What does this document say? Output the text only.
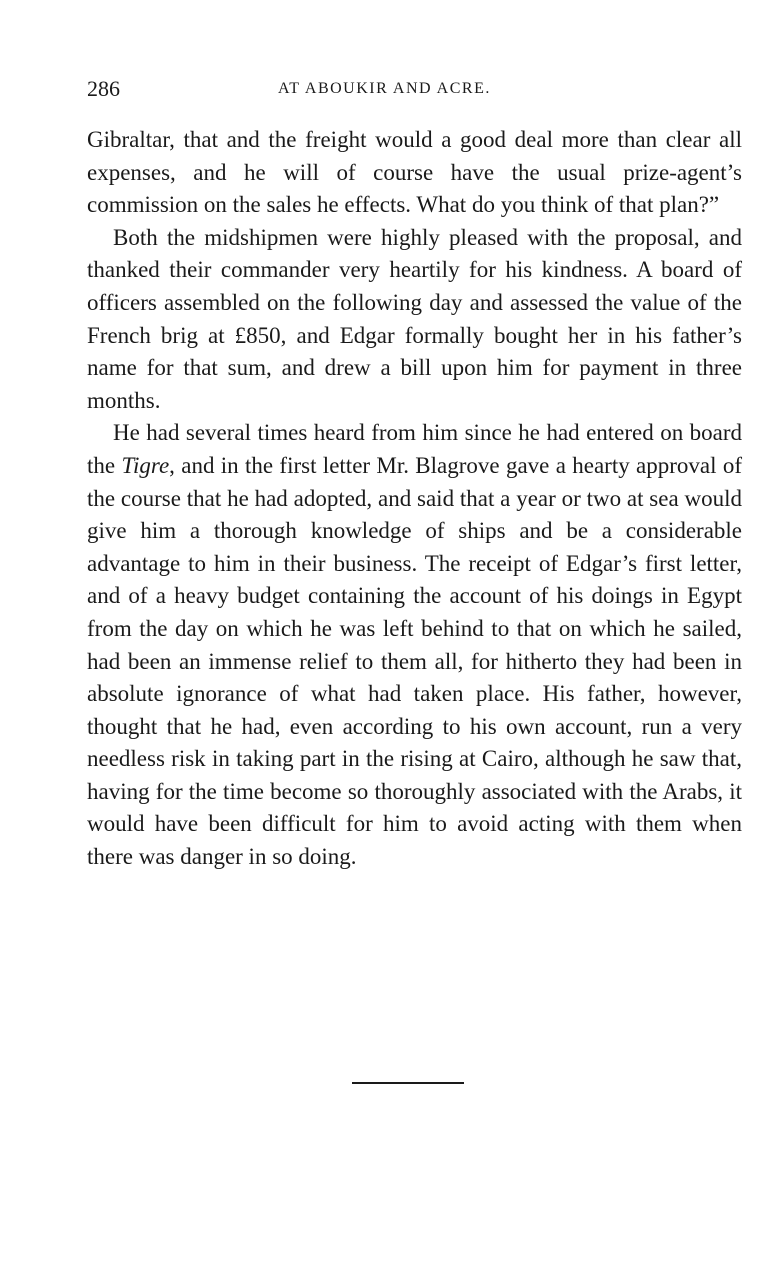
286	AT ABOUKIR AND ACRE.

Gibraltar, that and the freight would a good deal more than clear all expenses, and he will of course have the usual prize-agent’s commission on the sales he effects. What do you think of that plan?”

Both the midshipmen were highly pleased with the proposal, and thanked their commander very heartily for his kindness. A board of officers assembled on the following day and assessed the value of the French brig at £850, and Edgar formally bought her in his father’s name for that sum, and drew a bill upon him for payment in three months.

He had several times heard from him since he had entered on board the Tigre, and in the first letter Mr. Blagrove gave a hearty approval of the course that he had adopted, and said that a year or two at sea would give him a thorough knowledge of ships and be a considerable advantage to him in their business. The receipt of Edgar’s first letter, and of a heavy budget containing the account of his doings in Egypt from the day on which he was left behind to that on which he sailed, had been an immense relief to them all, for hitherto they had been in absolute ignorance of what had taken place. His father, however, thought that he had, even according to his own account, run a very needless risk in taking part in the rising at Cairo, although he saw that, having for the time become so thoroughly associated with the Arabs, it would have been difficult for him to avoid acting with them when there was danger in so doing.
